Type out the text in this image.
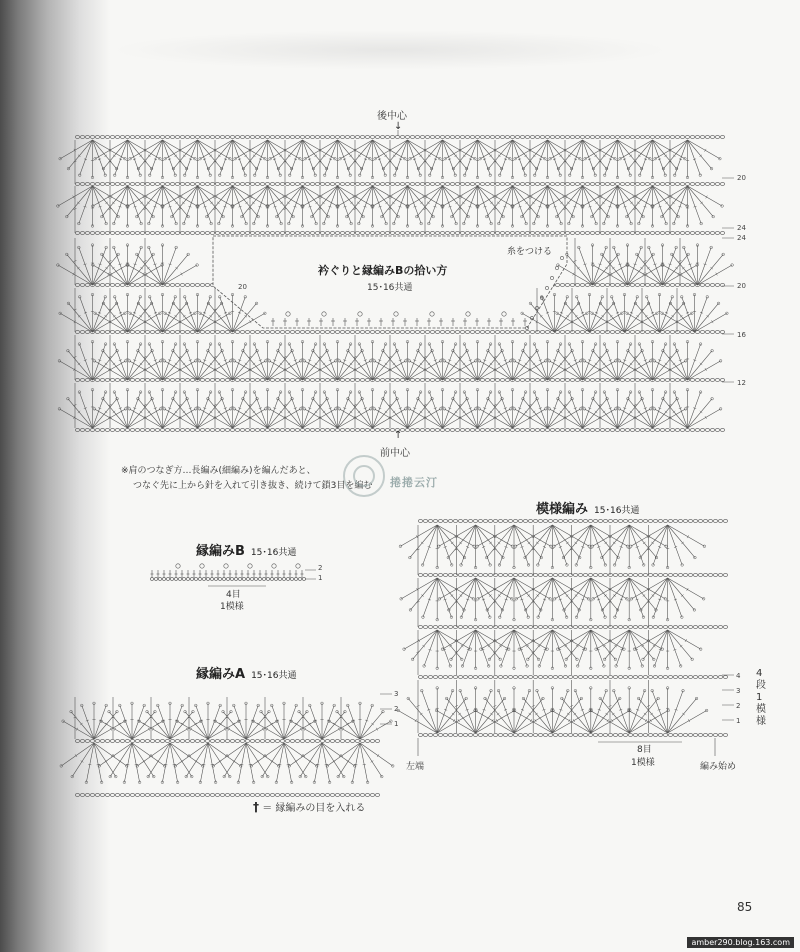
後中心
↓
↑
前中心
衿ぐりと縁編みBの拾い方
15･16共通
糸をつける
20
20
24
24
20
16
12
※肩のつなぎ方…長編み(細編み)を編んだあと、
つなぐ先に上から針を入れて引き抜き、続けて鎖3目を編む 捲捲云汀
縁編みB 15･16共通
2
1
4目
1模様
縁編みA 15･16共通
3
2
1
模様編み 15･16共通
4
3
2
1
4
段
1
模様
8目
1模様
左端	編み始め
† ＝ 縁編みの目を入れる
85
amber290.blog.163.com
